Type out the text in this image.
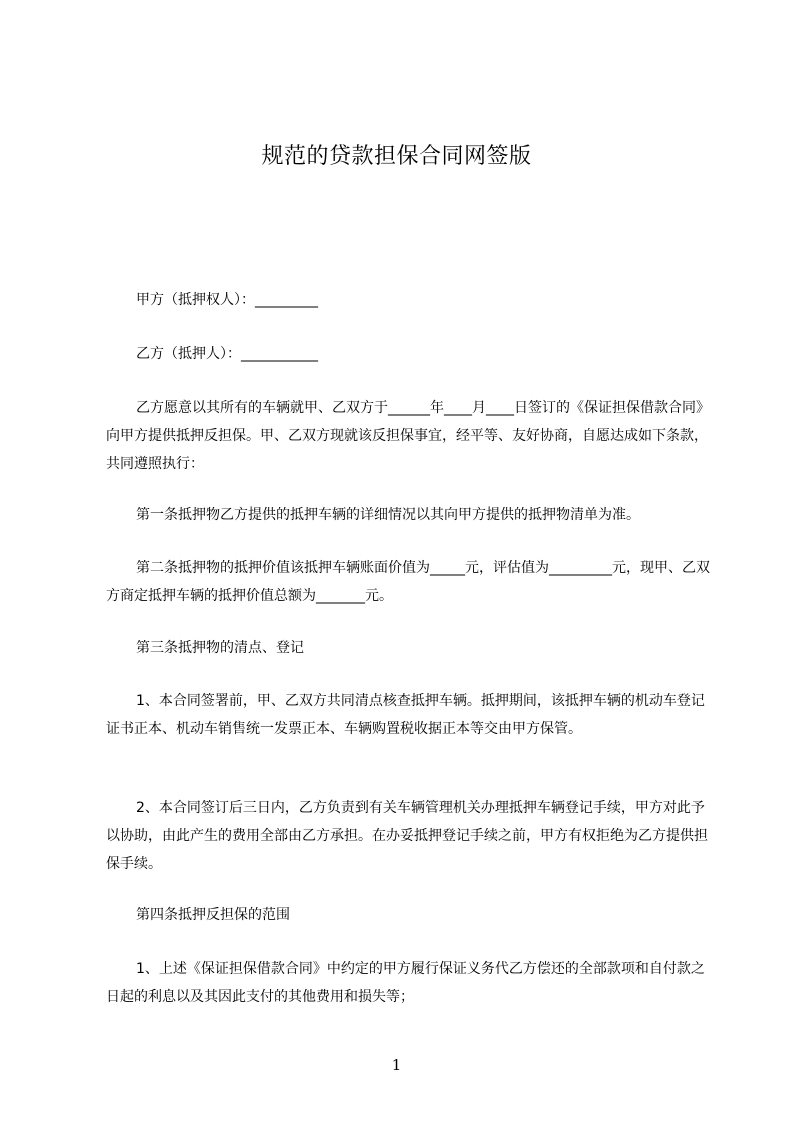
规范的贷款担保合同网签版

甲方（抵押权人）：_________

乙方（抵押人）：___________

乙方愿意以其所有的车辆就甲、乙双方于______年____月____日签订的《保证担保借款合同》向甲方提供抵押反担保。甲、乙双方现就该反担保事宜，经平等、友好协商，自愿达成如下条款，共同遵照执行：

第一条抵押物乙方提供的抵押车辆的详细情况以其向甲方提供的抵押物清单为准。

第二条抵押物的抵押价值该抵押车辆账面价值为_____元，评估值为_________元，现甲、乙双方商定抵押车辆的抵押价值总额为_______元。

第三条抵押物的清点、登记

1、本合同签署前，甲、乙双方共同清点核查抵押车辆。抵押期间，该抵押车辆的机动车登记证书正本、机动车销售统一发票正本、车辆购置税收据正本等交由甲方保管。

2、本合同签订后三日内，乙方负责到有关车辆管理机关办理抵押车辆登记手续，甲方对此予以协助，由此产生的费用全部由乙方承担。在办妥抵押登记手续之前，甲方有权拒绝为乙方提供担保手续。

第四条抵押反担保的范围

1、上述《保证担保借款合同》中约定的甲方履行保证义务代乙方偿还的全部款项和自付款之日起的利息以及其因此支付的其他费用和损失等；

1
